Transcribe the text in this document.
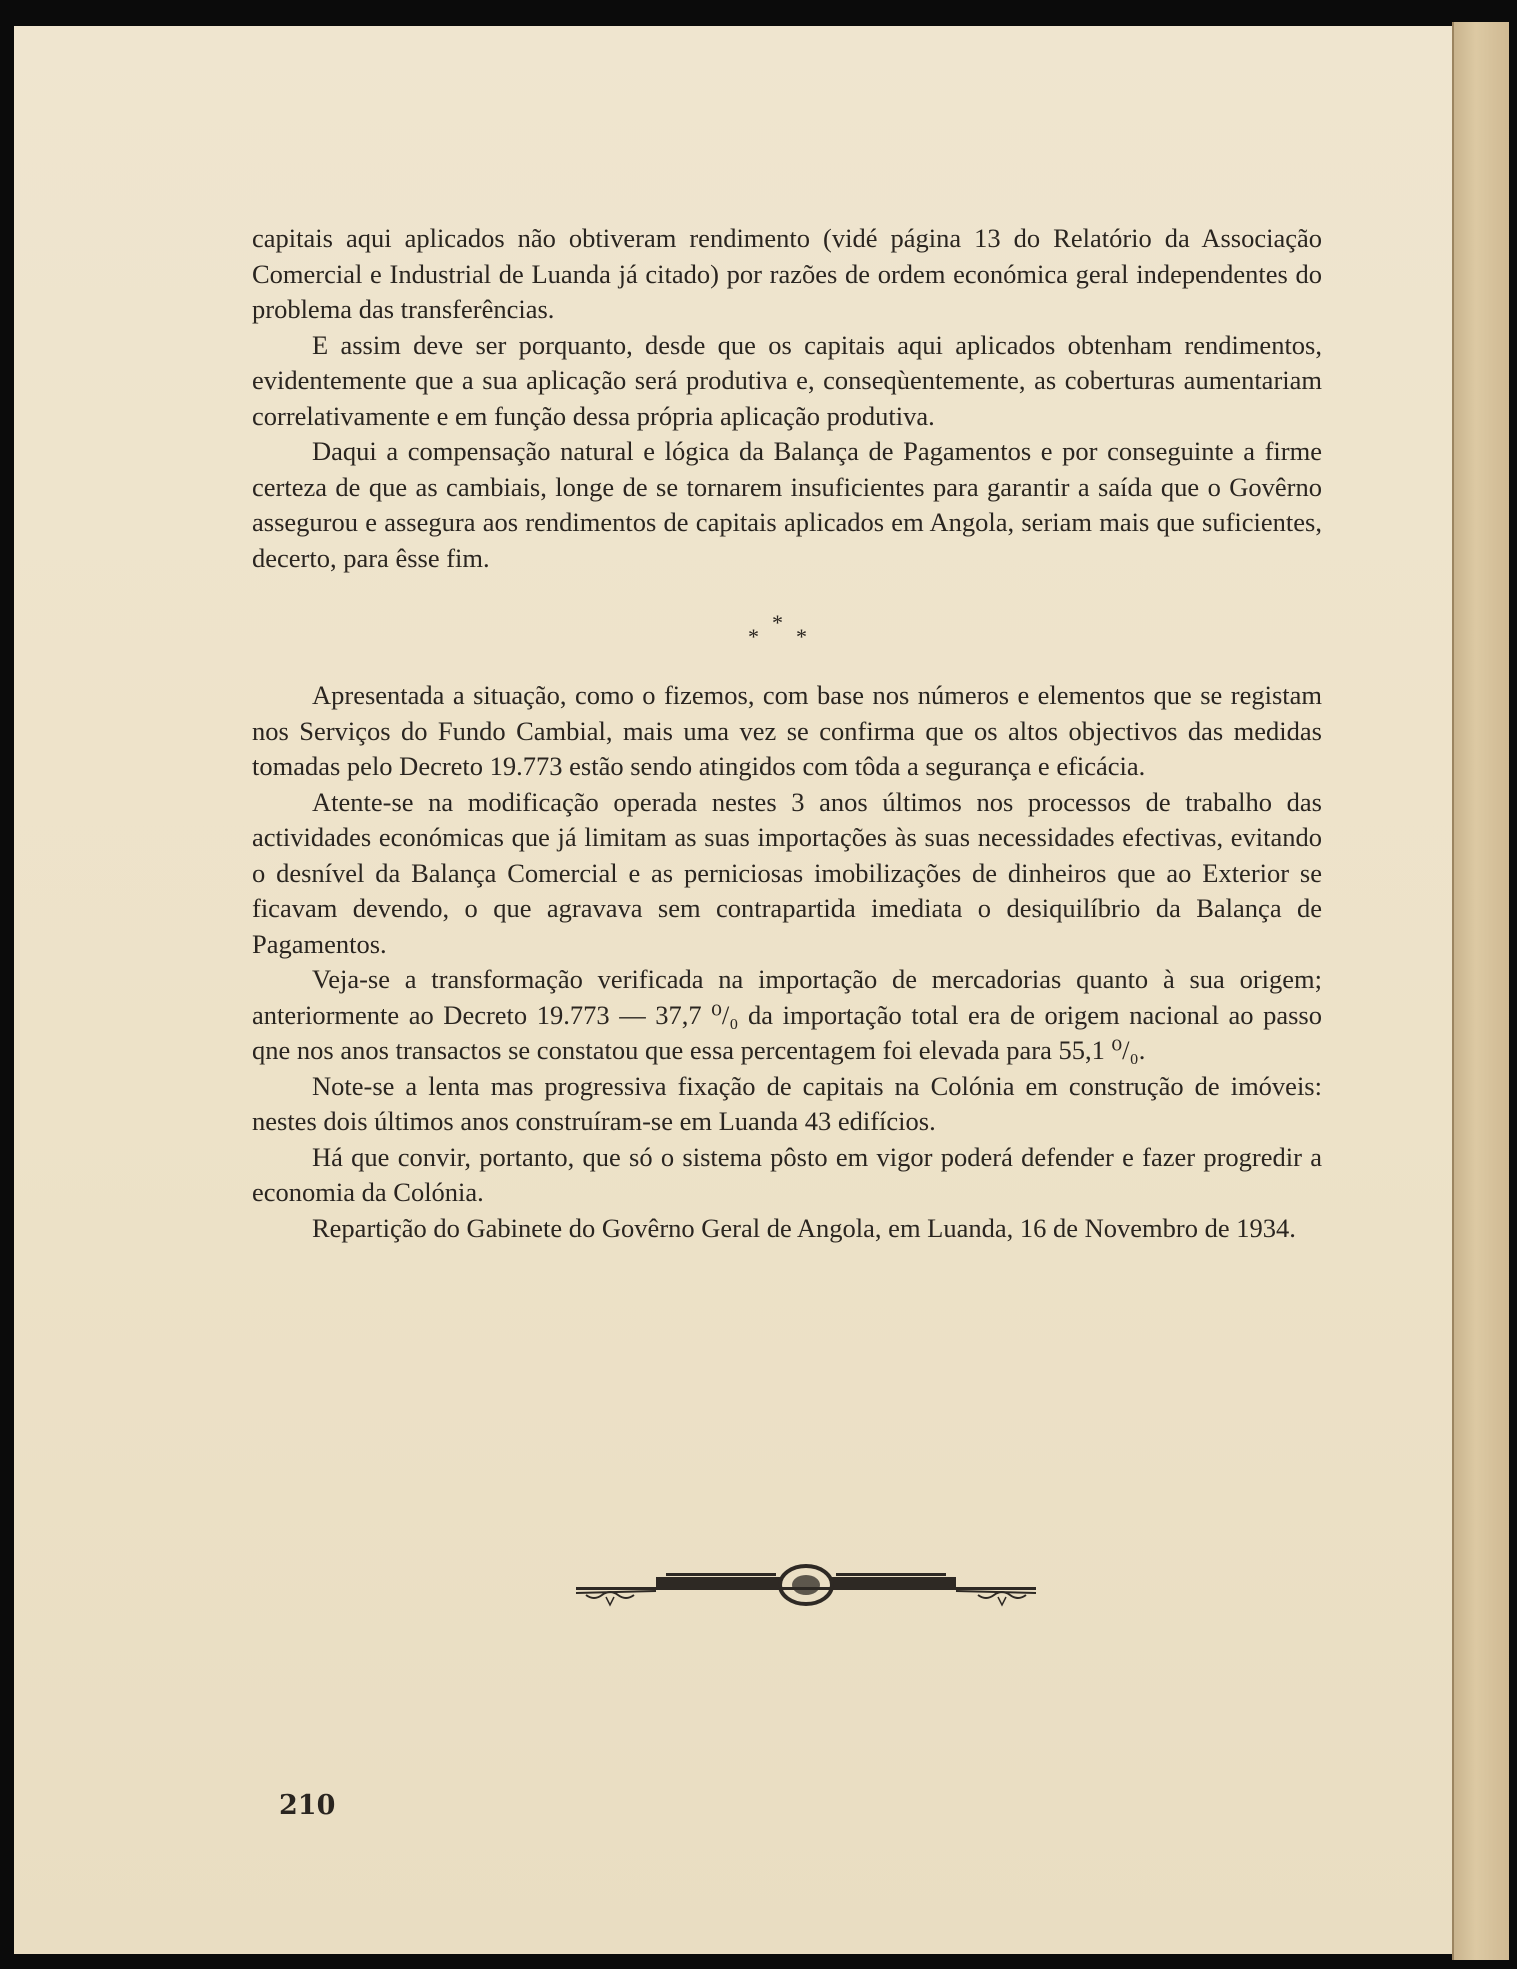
capitais aqui aplicados não obtiveram rendimento (vidé página 13 do Relatório da Associação Comercial e Industrial de Luanda já citado) por razões de ordem económica geral independentes do problema das transferências.

E assim deve ser porquanto, desde que os capitais aqui aplicados obtenham rendimentos, evidentemente que a sua aplicação será produtiva e, conseqùentemente, as coberturas aumentariam correlativamente e em função dessa própria aplicação produtiva.

Daqui a compensação natural e lógica da Balança de Pagamentos e por conseguinte a firme certeza de que as cambiais, longe de se tornarem insuficientes para garantir a saída que o Govêrno assegurou e assegura aos rendimentos de capitais aplicados em Angola, seriam mais que suficientes, decerto, para êsse fim.

*
* *

Apresentada a situação, como o fizemos, com base nos números e elementos que se registam nos Serviços do Fundo Cambial, mais uma vez se confirma que os altos objectivos das medidas tomadas pelo Decreto 19.773 estão sendo atingidos com tôda a segurança e eficácia.

Atente-se na modificação operada nestes 3 anos últimos nos processos de trabalho das actividades económicas que já limitam as suas importações às suas necessidades efectivas, evitando o desnível da Balança Comercial e as perniciosas imobilizações de dinheiros que ao Exterior se ficavam devendo, o que agravava sem contrapartida imediata o desiquilíbrio da Balança de Pagamentos.

Veja-se a transformação verificada na importação de mercadorias quanto à sua origem; anteriormente ao Decreto 19.773 — 37,7 ⁰/₀ da importação total era de origem nacional ao passo qne nos anos transactos se constatou que essa percentagem foi elevada para 55,1 ⁰/₀.

Note-se a lenta mas progressiva fixação de capitais na Colónia em construção de imóveis: nestes dois últimos anos construíram-se em Luanda 43 edifícios.

Há que convir, portanto, que só o sistema pôsto em vigor poderá defender e fazer progredir a economia da Colónia.

Repartição do Gabinete do Govêrno Geral de Angola, em Luanda, 16 de Novembro de 1934.

210
